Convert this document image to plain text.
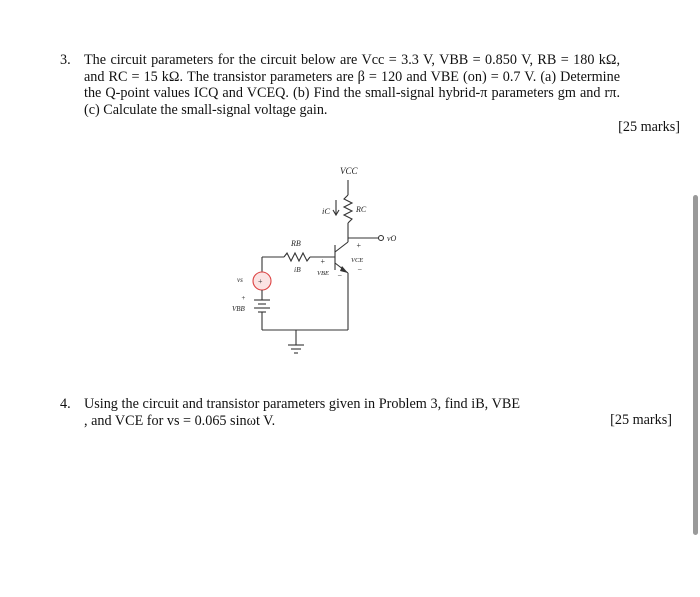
3. The circuit parameters for the circuit below are Vcc = 3.3 V, VBB = 0.850 V, RB = 180 kΩ, and RC = 15 kΩ. The transistor parameters are β = 120 and VBE (on) = 0.7 V. (a) Determine the Q-point values ICQ and VCEQ. (b) Find the small-signal hybrid-π parameters gm and rπ. (c) Calculate the small-signal voltage gain.
[25 marks]
VCC
iC	RC
vO
RB
iB
+
VBE −
+
VCE
−
vs +
+
VBB
4. Using the circuit and transistor parameters given in Problem 3, find iB, VBE , and VCE for vs = 0.065 sinωt V.	[25 marks]
